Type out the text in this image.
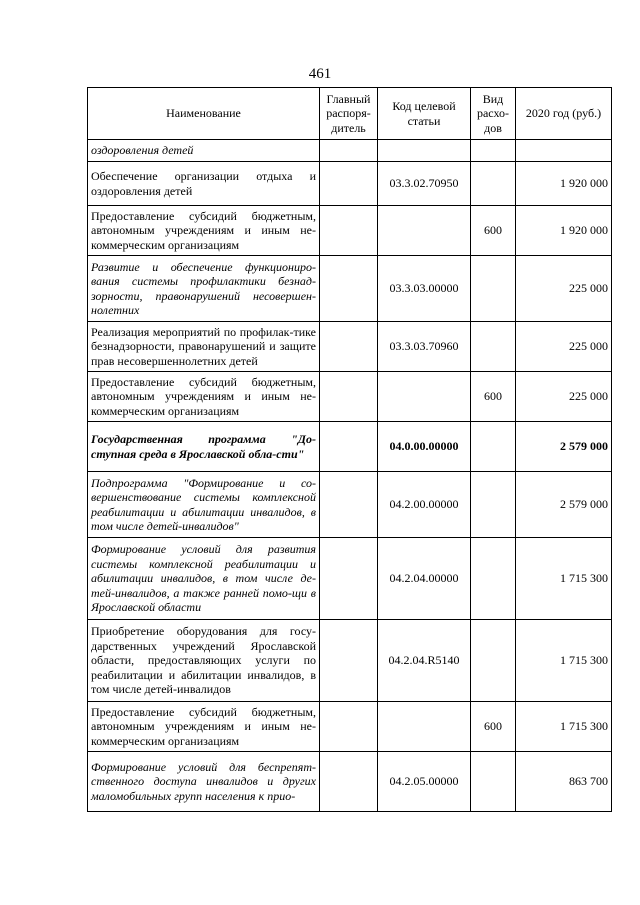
461
Наименование	Главный распоря-дитель	Код целевой статьи	Вид расхо-дов	2020 год (руб.)
оздоровления детей				
Обеспечение организации отдыха и оздоровления детей		03.3.02.70950		1 920 000
Предоставление субсидий бюджетным, автономным учреждениям и иным не-коммерческим организациям			600	1 920 000
Развитие и обеспечение функциониро-вания системы профилактики безнад-зорности, правонарушений несовершен-нолетних		03.3.03.00000		225 000
Реализация мероприятий по профилак-тике безнадзорности, правонарушений и защите прав несовершеннолетних детей		03.3.03.70960		225 000
Предоставление субсидий бюджетным, автономным учреждениям и иным не-коммерческим организациям			600	225 000
Государственная программа "До-ступная среда в Ярославской обла-сти"		04.0.00.00000		2 579 000
Подпрограмма "Формирование и со-вершенствование системы комплексной реабилитации и абилитации инвалидов, в том числе детей-инвалидов"		04.2.00.00000		2 579 000
Формирование условий для развития системы комплексной реабилитации и абилитации инвалидов, в том числе де-тей-инвалидов, а также ранней помо-щи в Ярославской области		04.2.04.00000		1 715 300
Приобретение оборудования для госу-дарственных учреждений Ярославской области, предоставляющих услуги по реабилитации и абилитации инвалидов, в том числе детей-инвалидов		04.2.04.R5140		1 715 300
Предоставление субсидий бюджетным, автономным учреждениям и иным не-коммерческим организациям			600	1 715 300
Формирование условий для беспрепят-ственного доступа инвалидов и других маломобильных групп населения к прио-		04.2.05.00000		863 700
